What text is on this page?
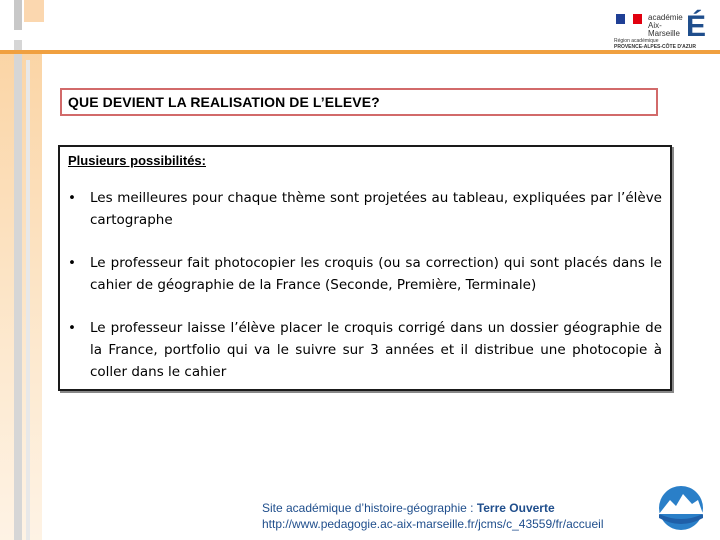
académie
Aix-Marseille É
Région académique
PROVENCE-ALPES-CÔTE D'AZUR
QUE DEVIENT LA REALISATION DE L’ELEVE?
Plusieurs possibilités:
•	Les meilleures pour chaque thème sont projetées au tableau, expliquées par l’élève cartographe
•	Le professeur fait photocopier les croquis (ou sa correction) qui sont placés dans le cahier de géographie de la France (Seconde, Première, Terminale)
•	Le professeur laisse l’élève placer le croquis corrigé dans un dossier géographie de la France, portfolio qui va le suivre sur 3 années et il distribue une photocopie à coller dans le cahier
Site académique d’histoire-géographie : Terre Ouverte
http://www.pedagogie.ac-aix-marseille.fr/jcms/c_43559/fr/accueil
